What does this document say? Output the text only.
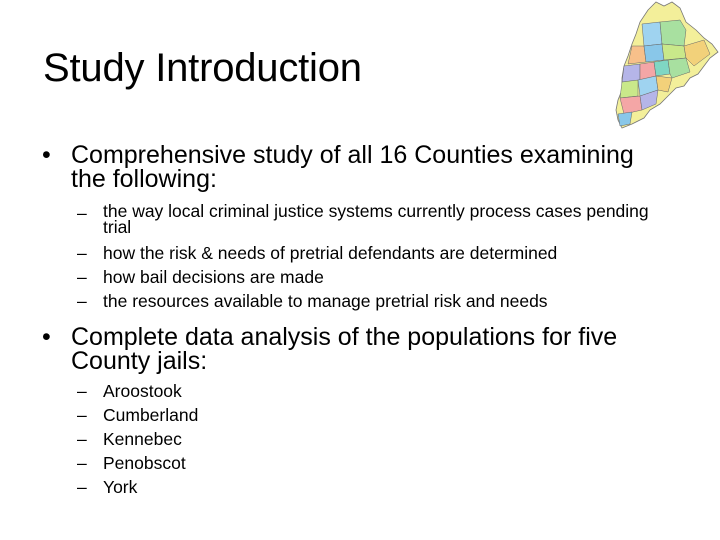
Study Introduction
• Comprehensive study of all 16 Counties examining the following:
– the way local criminal justice systems currently process cases pending trial
– how the risk & needs of pretrial defendants are determined
– how bail decisions are made
– the resources available to manage pretrial risk and needs
• Complete data analysis of the populations for five County jails:
– Aroostook
– Cumberland
– Kennebec
– Penobscot
– York
